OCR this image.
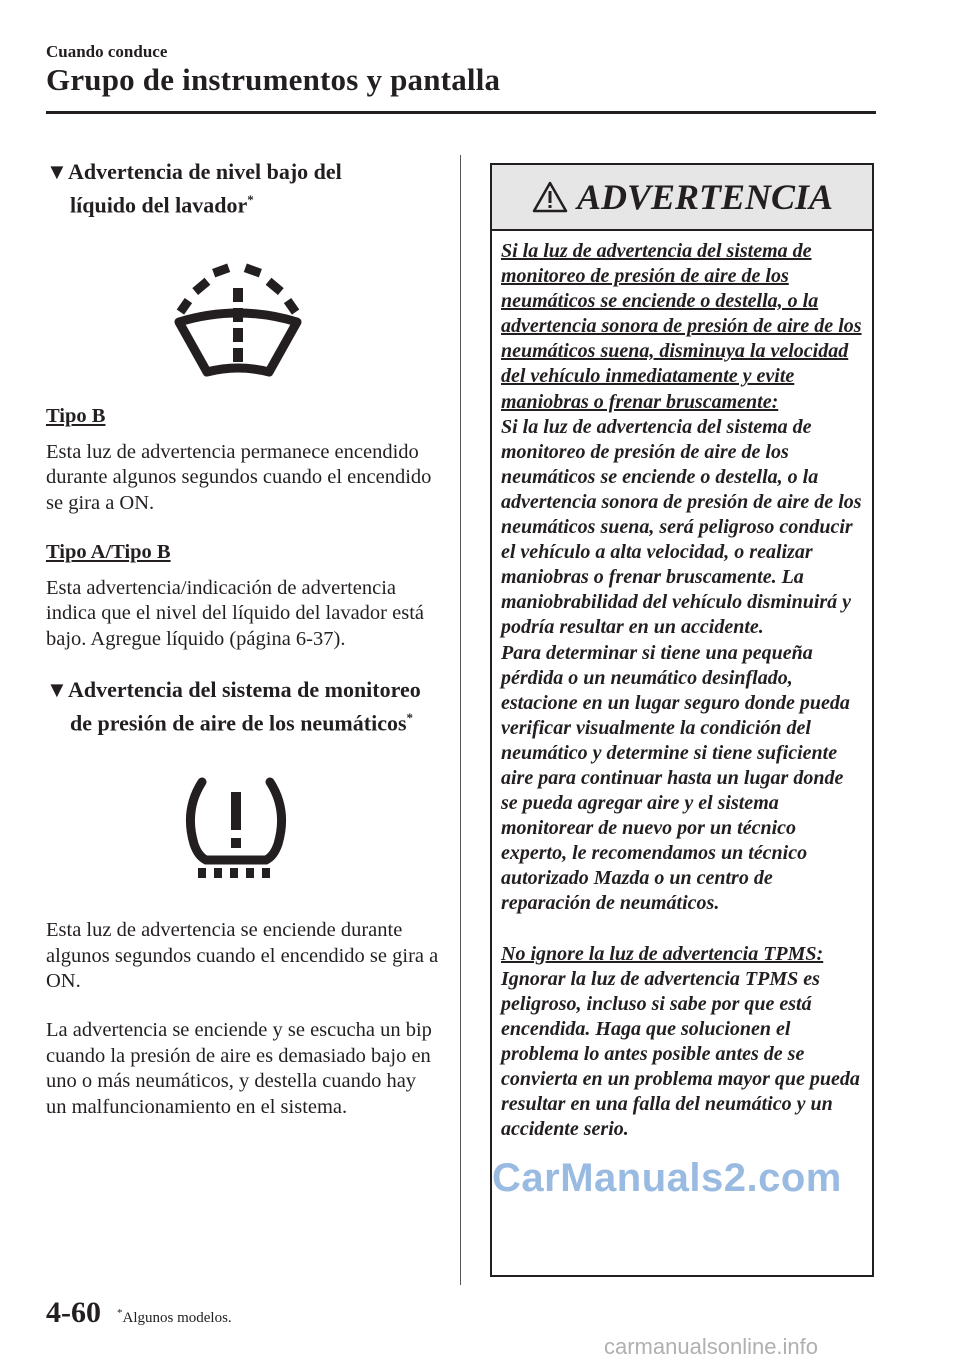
Cuando conduce
Grupo de instrumentos y pantalla
▼Advertencia de nivel bajo del
líquido del lavador*
Tipo B
Esta luz de advertencia permanece encendido durante algunos segundos cuando el encendido se gira a ON.
Tipo A/Tipo B
Esta advertencia/indicación de advertencia indica que el nivel del líquido del lavador está bajo. Agregue líquido (página 6-37).
▼Advertencia del sistema de monitoreo
de presión de aire de los neumáticos*
Esta luz de advertencia se enciende durante algunos segundos cuando el encendido se gira a ON.
La advertencia se enciende y se escucha un bip cuando la presión de aire es demasiado bajo en uno o más neumáticos, y destella cuando hay un malfuncionamiento en el sistema.
ADVERTENCIA
Si la luz de advertencia del sistema de monitoreo de presión de aire de los neumáticos se enciende o destella, o la advertencia sonora de presión de aire de los neumáticos suena, disminuya la velocidad del vehículo inmediatamente y evite maniobras o frenar bruscamente:
Si la luz de advertencia del sistema de monitoreo de presión de aire de los neumáticos se enciende o destella, o la advertencia sonora de presión de aire de los neumáticos suena, será peligroso conducir el vehículo a alta velocidad, o realizar maniobras o frenar bruscamente. La maniobrabilidad del vehículo disminuirá y podría resultar en un accidente.
Para determinar si tiene una pequeña pérdida o un neumático desinflado, estacione en un lugar seguro donde pueda verificar visualmente la condición del neumático y determine si tiene suficiente aire para continuar hasta un lugar donde se pueda agregar aire y el sistema monitorear de nuevo por un técnico experto, le recomendamos un técnico autorizado Mazda o un centro de reparación de neumáticos.
No ignore la luz de advertencia TPMS:
Ignorar la luz de advertencia TPMS es peligroso, incluso si sabe por que está encendida. Haga que solucionen el problema lo antes posible antes de se convierta en un problema mayor que pueda resultar en una falla del neumático y un accidente serio.
CarManuals2.com
4-60 *Algunos modelos.
carmanualsonline.info
